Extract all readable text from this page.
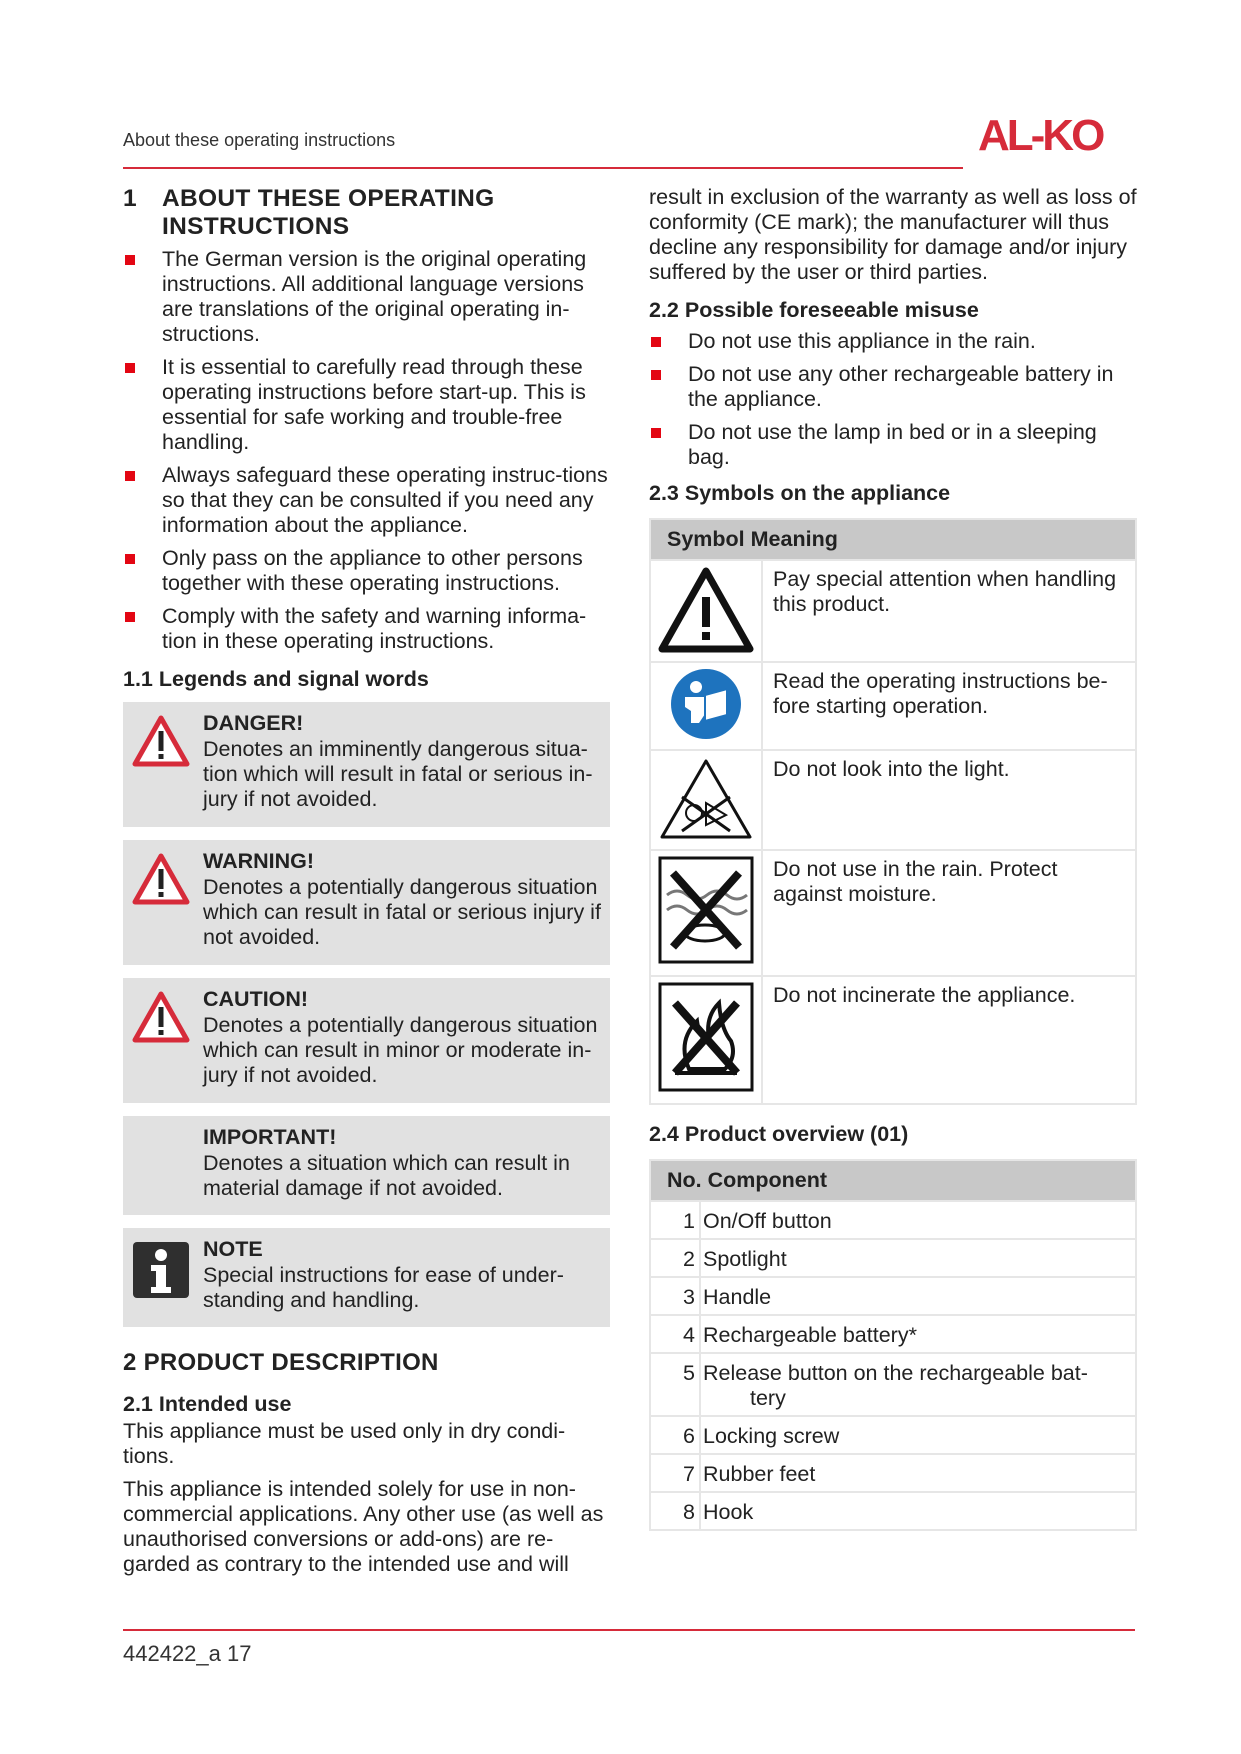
About these operating instructions	AL-KO
1 ABOUT THESE OPERATING INSTRUCTIONS
The German version is the original operating instructions. All additional language versions are translations of the original operating in-structions.
It is essential to carefully read through these operating instructions before start-up. This is essential for safe working and trouble-free handling.
Always safeguard these operating instruc-tions so that they can be consulted if you need any information about the appliance.
Only pass on the appliance to other persons together with these operating instructions.
Comply with the safety and warning informa-tion in these operating instructions.
1.1 Legends and signal words
DANGER!
Denotes an imminently dangerous situa-tion which will result in fatal or serious in-jury if not avoided.
WARNING!
Denotes a potentially dangerous situation which can result in fatal or serious injury if not avoided.
CAUTION!
Denotes a potentially dangerous situation which can result in minor or moderate in-jury if not avoided.
IMPORTANT!
Denotes a situation which can result in material damage if not avoided.
NOTE
Special instructions for ease of under-standing and handling.
2 PRODUCT DESCRIPTION
2.1 Intended use

This appliance must be used only in dry condi-tions.

This appliance is intended solely for use in non-commercial applications. Any other use (as well as unauthorised conversions or add-ons) are re-garded as contrary to the intended use and will

result in exclusion of the warranty as well as loss of conformity (CE mark); the manufacturer will thus decline any responsibility for damage and/or injury suffered by the user or third parties.

2.2 Possible foreseeable misuse
Do not use this appliance in the rain.
Do not use any other rechargeable battery in the appliance.
Do not use the lamp in bed or in a sleeping bag.
2.3 Symbols on the appliance
Symbol Meaning	
	Pay special attention when handling this product.
	Read the operating instructions be-fore starting operation.
	Do not look into the light.
	Do not use in the rain. Protect against moisture.
	Do not incinerate the appliance.
2.4 Product overview (01)
No. Component	
1	On/Off button
2	Spotlight
3	Handle
4	Rechargeable battery*
5	Release button on the rechargeable bat-
tery

6	Locking screw
7	Rubber feet
8	Hook
442422_a 17
